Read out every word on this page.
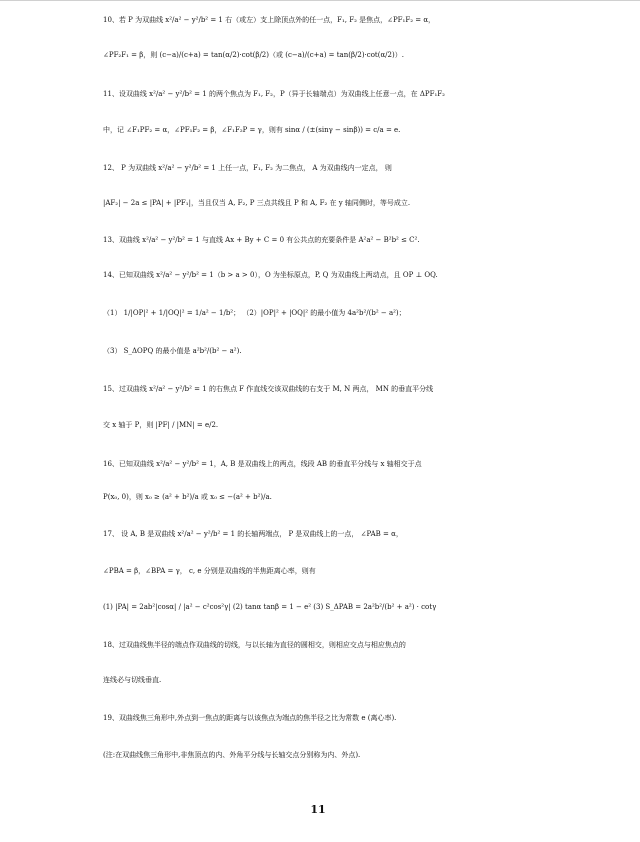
10、若 P 为双曲线 x²/a² − y²/b² = 1 右（或左）支上除顶点外的任一点，F₁, F₂ 是焦点，∠PF₁F₂ = α，
∠PF₂F₁ = β，则 (c−a)/(c+a) = tan(α/2)·cot(β/2)（或 (c−a)/(c+a) = tan(β/2)·cot(α/2)）.
11、设双曲线 x²/a² − y²/b² = 1 的两个焦点为 F₁, F₂，P（异于长轴端点）为双曲线上任意一点，在 ΔPF₁F₂
中，记 ∠F₁PF₂ = α，∠PF₁F₂ = β，∠F₁F₂P = γ，则有 sinα / (±(sinγ − sinβ)) = c/a = e.
12、 P 为双曲线 x²/a² − y²/b² = 1 上任一点，F₁, F₂ 为二焦点， A 为双曲线内一定点， 则
|AF₂| − 2a ≤ |PA| + |PF₁|，当且仅当 A, F₂, P 三点共线且 P 和 A, F₂ 在 y 轴同侧时，等号成立.
13、双曲线 x²/a² − y²/b² = 1 与直线 Ax + By + C = 0 有公共点的充要条件是 A²a² − B²b² ≤ C².
14、已知双曲线 x²/a² − y²/b² = 1（b > a > 0），O 为坐标原点，P, Q 为双曲线上两动点，且 OP ⊥ OQ.
（1） 1/|OP|² + 1/|OQ|² = 1/a² − 1/b²； （2）|OP|² + |OQ|² 的最小值为 4a²b²/(b² − a²)；
（3） S_ΔOPQ 的最小值是 a²b²/(b² − a²).
15、过双曲线 x²/a² − y²/b² = 1 的右焦点 F 作直线交该双曲线的右支于 M, N 两点， MN 的垂直平分线
交 x 轴于 P，则 |PF| / |MN| = e/2.
16、已知双曲线 x²/a² − y²/b² = 1，A, B 是双曲线上的两点，线段 AB 的垂直平分线与 x 轴相交于点
P(x₀, 0)，则 x₀ ≥ (a² + b²)/a 或 x₀ ≤ −(a² + b²)/a.
17、 设 A, B 是双曲线 x²/a² − y²/b² = 1 的长轴两端点， P 是双曲线上的一点， ∠PAB = α，
∠PBA = β，∠BPA = γ， c, e 分别是双曲线的半焦距离心率，则有
(1) |PA| = 2ab²|cosα| / |a² − c²cos²γ| (2) tanα tanβ = 1 − e² (3) S_ΔPAB = 2a²b²/(b² + a²) · cotγ
18、过双曲线焦半径的端点作双曲线的切线，与以长轴为直径的圆相交，则相应交点与相应焦点的
连线必与切线垂直.
19、双曲线焦三角形中,外点到一焦点的距离与以该焦点为端点的焦半径之比为常数 e (离心率).
(注:在双曲线焦三角形中,非焦顶点的内、外角平分线与长轴交点分别称为内、外点).
11
